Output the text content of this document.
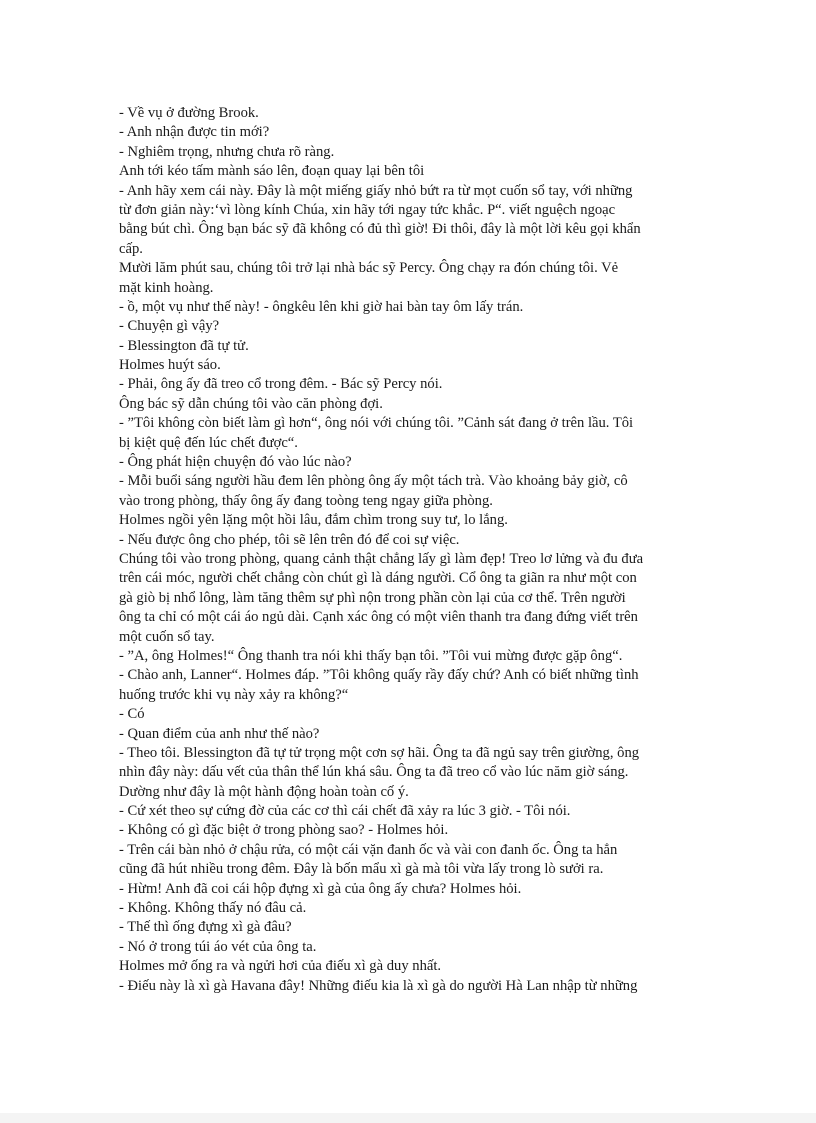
- Về vụ ở đường Brook.
- Anh nhận được tin mới?
- Nghiêm trọng, nhưng chưa rõ ràng.
Anh tới kéo tấm mành sáo lên, đoạn quay lại bên tôi
- Anh hãy xem cái này. Đây là một miếng giấy nhỏ bứt ra từ mọt cuốn sổ tay, với những
từ đơn giản này:‘vì lòng kính Chúa, xin hãy tới ngay tức khắc. P“. viết nguệch ngoạc
bằng bút chì. Ông bạn bác sỹ đã không có đủ thì giờ! Đi thôi, đây là một lời kêu gọi khẩn
cấp.
Mười lăm phút sau, chúng tôi trở lại nhà bác sỹ Percy. Ông chạy ra đón chúng tôi. Vẻ
mặt kinh hoàng.
- ồ, một vụ như thế này! - ôngkêu lên khi giờ hai bàn tay ôm lấy trán.
- Chuyện gì vậy?
- Blessington đã tự tử.
Holmes huýt sáo.
- Phải, ông ấy đã treo cổ trong đêm. - Bác sỹ Percy nói.
Ông bác sỹ dẫn chúng tôi vào căn phòng đợi.
- ”Tôi không còn biết làm gì hơn“, ông nói với chúng tôi. ”Cảnh sát đang ở trên lầu. Tôi
bị kiệt quệ đến lúc chết được“.
- Ông phát hiện chuyện đó vào lúc nào?
- Mỗi buổi sáng người hầu đem lên phòng ông ấy một tách trà. Vào khoảng bảy giờ, cô
vào trong phòng, thấy ông ấy đang toòng teng ngay giữa phòng.
Holmes ngồi yên lặng một hồi lâu, đắm chìm trong suy tư, lo lắng.
- Nếu được ông cho phép, tôi sẽ lên trên đó để coi sự việc.
Chúng tôi vào trong phòng, quang cảnh thật chẳng lấy gì làm đẹp! Treo lơ lửng và đu đưa
trên cái móc, người chết chẳng còn chút gì là dáng người. Cổ ông ta giãn ra như một con
gà giò bị nhổ lông, làm tăng thêm sự phì nộn trong phần còn lại của cơ thể. Trên người
ông ta chỉ có một cái áo ngủ dài. Cạnh xác ông có một viên thanh tra đang đứng viết trên
một cuốn sổ tay.
- ”A, ông Holmes!“ Ông thanh tra nói khi thấy bạn tôi. ”Tôi vui mừng được gặp ông“.
- Chào anh, Lanner“. Holmes đáp. ”Tôi không quấy rầy đấy chứ? Anh có biết những tình
huống trước khi vụ này xảy ra không?“
- Có
- Quan điểm của anh như thế nào?
- Theo tôi. Blessington đã tự tử trọng một cơn sợ hãi. Ông ta đã ngủ say trên giường, ông
nhìn đây này: dấu vết của thân thể lún khá sâu. Ông ta đã treo cổ vào lúc năm giờ sáng.
Dường như đây là một hành động hoàn toàn cố ý.
- Cứ xét theo sự cứng đờ của các cơ thì cái chết đã xảy ra lúc 3 giờ. - Tôi nói.
- Không có gì đặc biệt ở trong phòng sao? - Holmes hỏi.
- Trên cái bàn nhỏ ở chậu rửa, có một cái vặn đanh ốc và vài con đanh ốc. Ông ta hẳn
cũng đã hút nhiều trong đêm. Đây là bốn mẩu xì gà mà tôi vừa lấy trong lò sưởi ra.
- Hừm! Anh đã coi cái hộp đựng xì gà của ông ấy chưa? Holmes hỏi.
- Không. Không thấy nó đâu cả.
- Thế thì ống đựng xì gà đâu?
- Nó ở trong túi áo vét của ông ta.
Holmes mở ống ra và ngửi hơi của điếu xì gà duy nhất.
- Điếu này là xì gà Havana đây! Những điếu kia là xì gà do người Hà Lan nhập từ những
